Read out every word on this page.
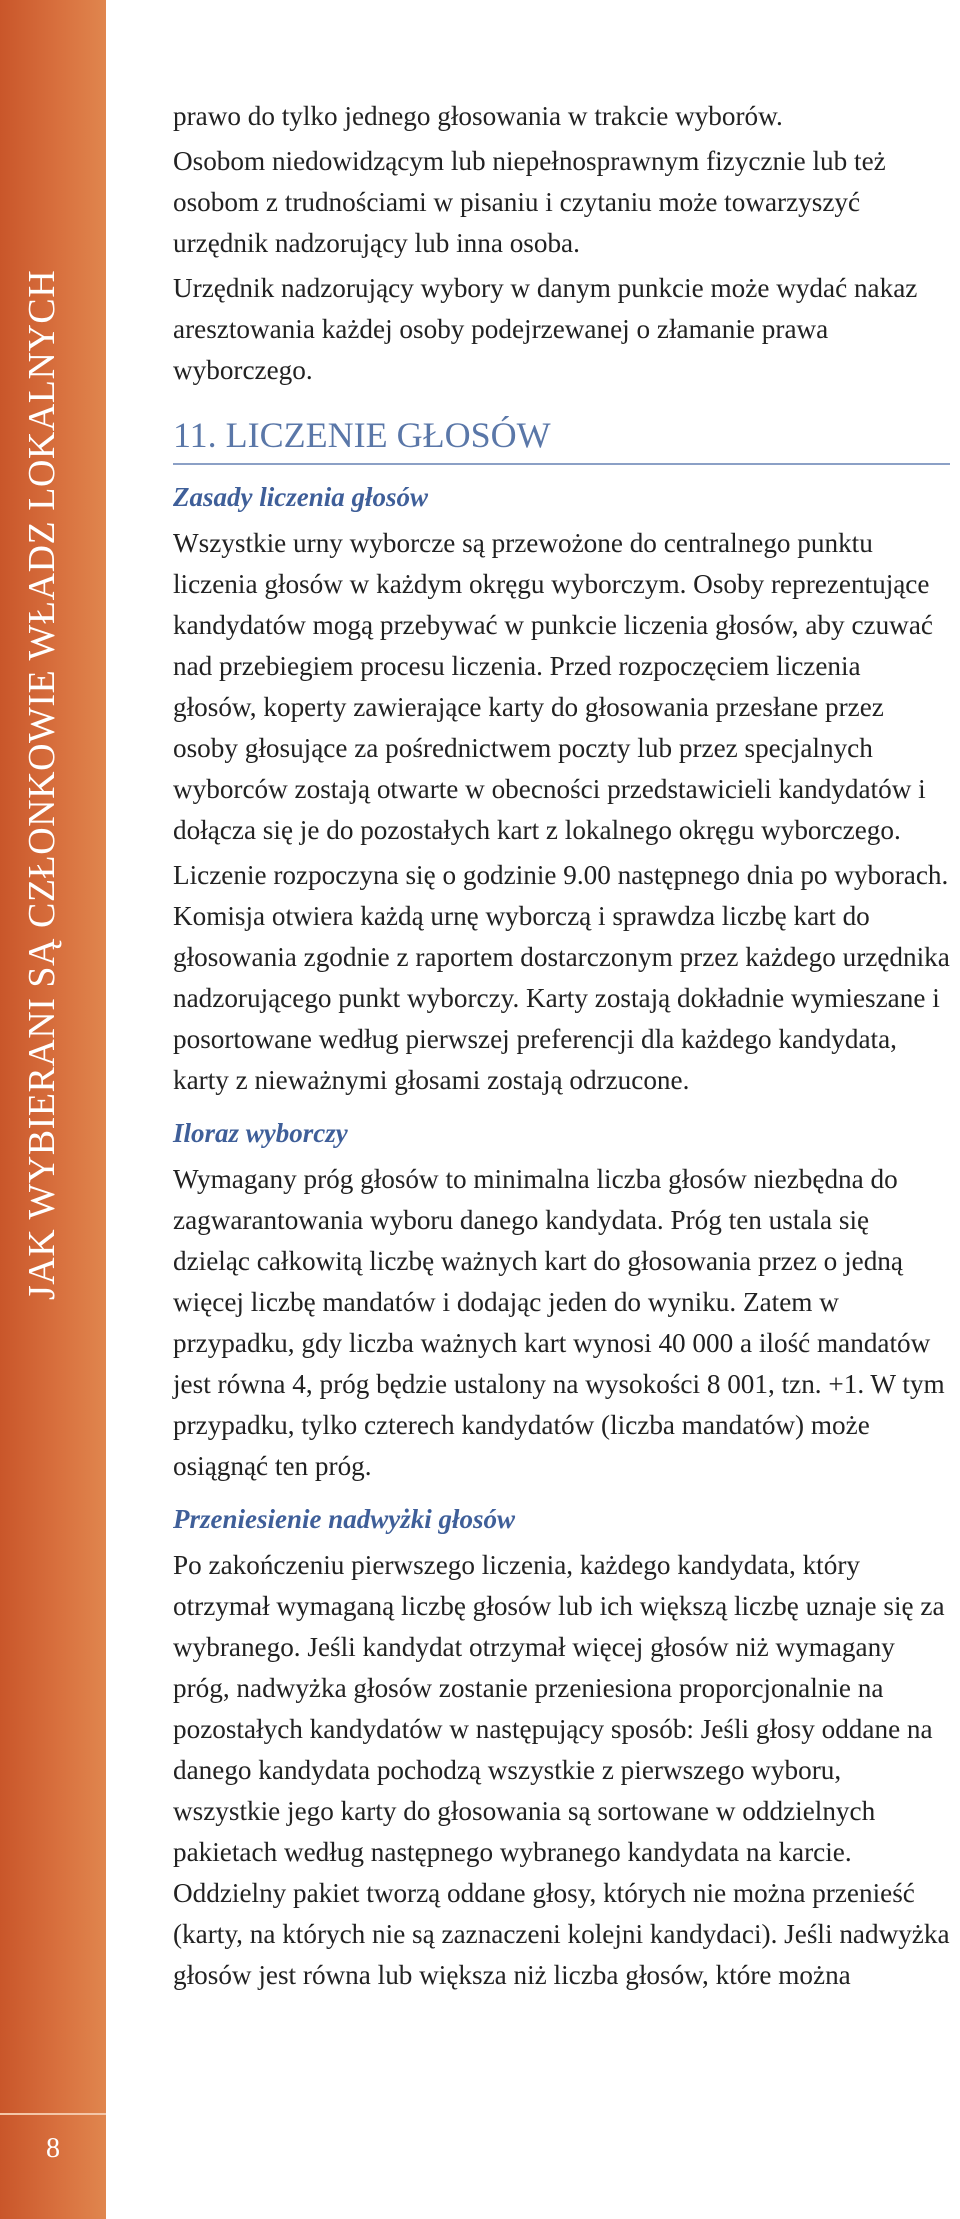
JAK WYBIERANI SĄ CZŁONKOWIE WŁADZ LOKALNYCH
8

prawo do tylko jednego głosowania w trakcie wyborów.

Osobom niedowidzącym lub niepełnosprawnym fizycznie lub też osobom z trudnościami w pisaniu i czytaniu może towarzyszyć urzędnik nadzorujący lub inna osoba.

Urzędnik nadzorujący wybory w danym punkcie może wydać nakaz aresztowania każdej osoby podejrzewanej o złamanie prawa wyborczego.

11. LICZENIE GŁOSÓW
Zasady liczenia głosów

Wszystkie urny wyborcze są przewożone do centralnego punktu liczenia głosów w każdym okręgu wyborczym. Osoby reprezentujące kandydatów mogą przebywać w punkcie liczenia głosów, aby czuwać nad przebiegiem procesu liczenia. Przed rozpoczęciem liczenia głosów, koperty zawierające karty do głosowania przesłane przez osoby głosujące za pośrednictwem poczty lub przez specjalnych wyborców zostają otwarte w obecności przedstawicieli kandydatów i dołącza się je do pozostałych kart z lokalnego okręgu wyborczego.

Liczenie rozpoczyna się o godzinie 9.00 następnego dnia po wyborach. Komisja otwiera każdą urnę wyborczą i sprawdza liczbę kart do głosowania zgodnie z raportem dostarczonym przez każdego urzędnika nadzorującego punkt wyborczy. Karty zostają dokładnie wymieszane i posortowane według pierwszej preferencji dla każdego kandydata, karty z nieważnymi głosami zostają odrzucone.

Iloraz wyborczy

Wymagany próg głosów to minimalna liczba głosów niezbędna do zagwarantowania wyboru danego kandydata. Próg ten ustala się dzieląc całkowitą liczbę ważnych kart do głosowania przez o jedną więcej liczbę mandatów i dodając jeden do wyniku. Zatem w przypadku, gdy liczba ważnych kart wynosi 40 000 a ilość mandatów jest równa 4, próg będzie ustalony na wysokości 8 001, tzn. +1. W tym przypadku, tylko czterech kandydatów (liczba mandatów) może osiągnąć ten próg.

Przeniesienie nadwyżki głosów

Po zakończeniu pierwszego liczenia, każdego kandydata, który otrzymał wymaganą liczbę głosów lub ich większą liczbę uznaje się za wybranego. Jeśli kandydat otrzymał więcej głosów niż wymagany próg, nadwyżka głosów zostanie przeniesiona proporcjonalnie na pozostałych kandydatów w następujący sposób: Jeśli głosy oddane na danego kandydata pochodzą wszystkie z pierwszego wyboru, wszystkie jego karty do głosowania są sortowane w oddzielnych pakietach według następnego wybranego kandydata na karcie. Oddzielny pakiet tworzą oddane głosy, których nie można przenieść (karty, na których nie są zaznaczeni kolejni kandydaci). Jeśli nadwyżka głosów jest równa lub większa niż liczba głosów, które można
